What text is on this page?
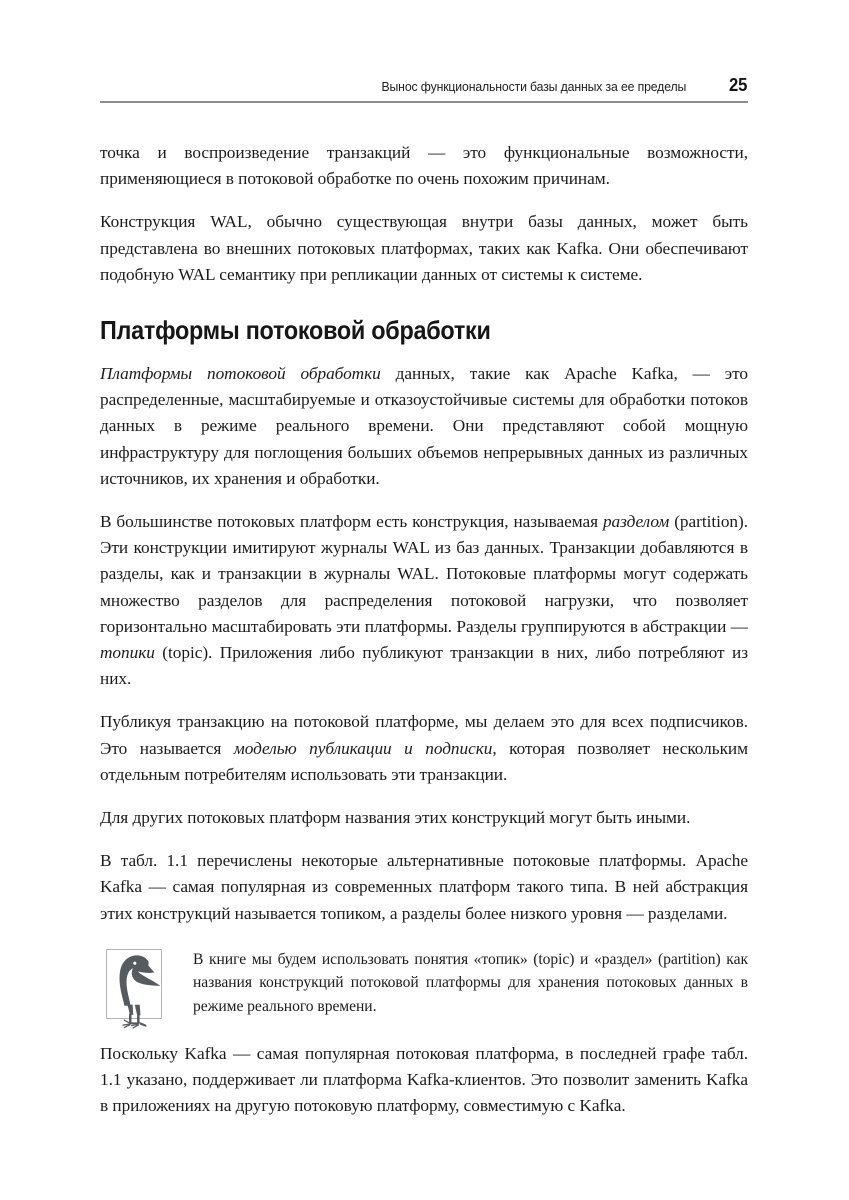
Вынос функциональности базы данных за ее пределы 25

точка и воспроизведение транзакций — это функциональные возможности, применяющиеся в потоковой обработке по очень похожим причинам.

Конструкция WAL, обычно существующая внутри базы данных, может быть представлена во внешних потоковых платформах, таких как Kafka. Они обеспечивают подобную WAL семантику при репликации данных от системы к системе.

Платформы потоковой обработки

Платформы потоковой обработки данных, такие как Apache Kafka, — это распределенные, масштабируемые и отказоустойчивые системы для обработки потоков данных в режиме реального времени. Они представляют собой мощную инфраструктуру для поглощения больших объемов непрерывных данных из различных источников, их хранения и обработки.

В большинстве потоковых платформ есть конструкция, называемая разделом (partition). Эти конструкции имитируют журналы WAL из баз данных. Транзакции добавляются в разделы, как и транзакции в журналы WAL. Потоковые платформы могут содержать множество разделов для распределения потоковой нагрузки, что позволяет горизонтально масштабировать эти платформы. Разделы группируются в абстракции — топики (topic). Приложения либо публикуют транзакции в них, либо потребляют из них.

Публикуя транзакцию на потоковой платформе, мы делаем это для всех подписчиков. Это называется моделью публикации и подписки, которая позволяет нескольким отдельным потребителям использовать эти транзакции.

Для других потоковых платформ названия этих конструкций могут быть иными.

В табл. 1.1 перечислены некоторые альтернативные потоковые платформы. Apache Kafka — самая популярная из современных платформ такого типа. В ней абстракция этих конструкций называется топиком, а разделы более низкого уровня — разделами.

В книге мы будем использовать понятия «топик» (topic) и «раздел» (partition) как названия конструкций потоковой платформы для хранения потоковых данных в режиме реального времени.

Поскольку Kafka — самая популярная потоковая платформа, в последней графе табл. 1.1 указано, поддерживает ли платформа Kafka-клиентов. Это позволит заменить Kafka в приложениях на другую потоковую платформу, совместимую с Kafka.
